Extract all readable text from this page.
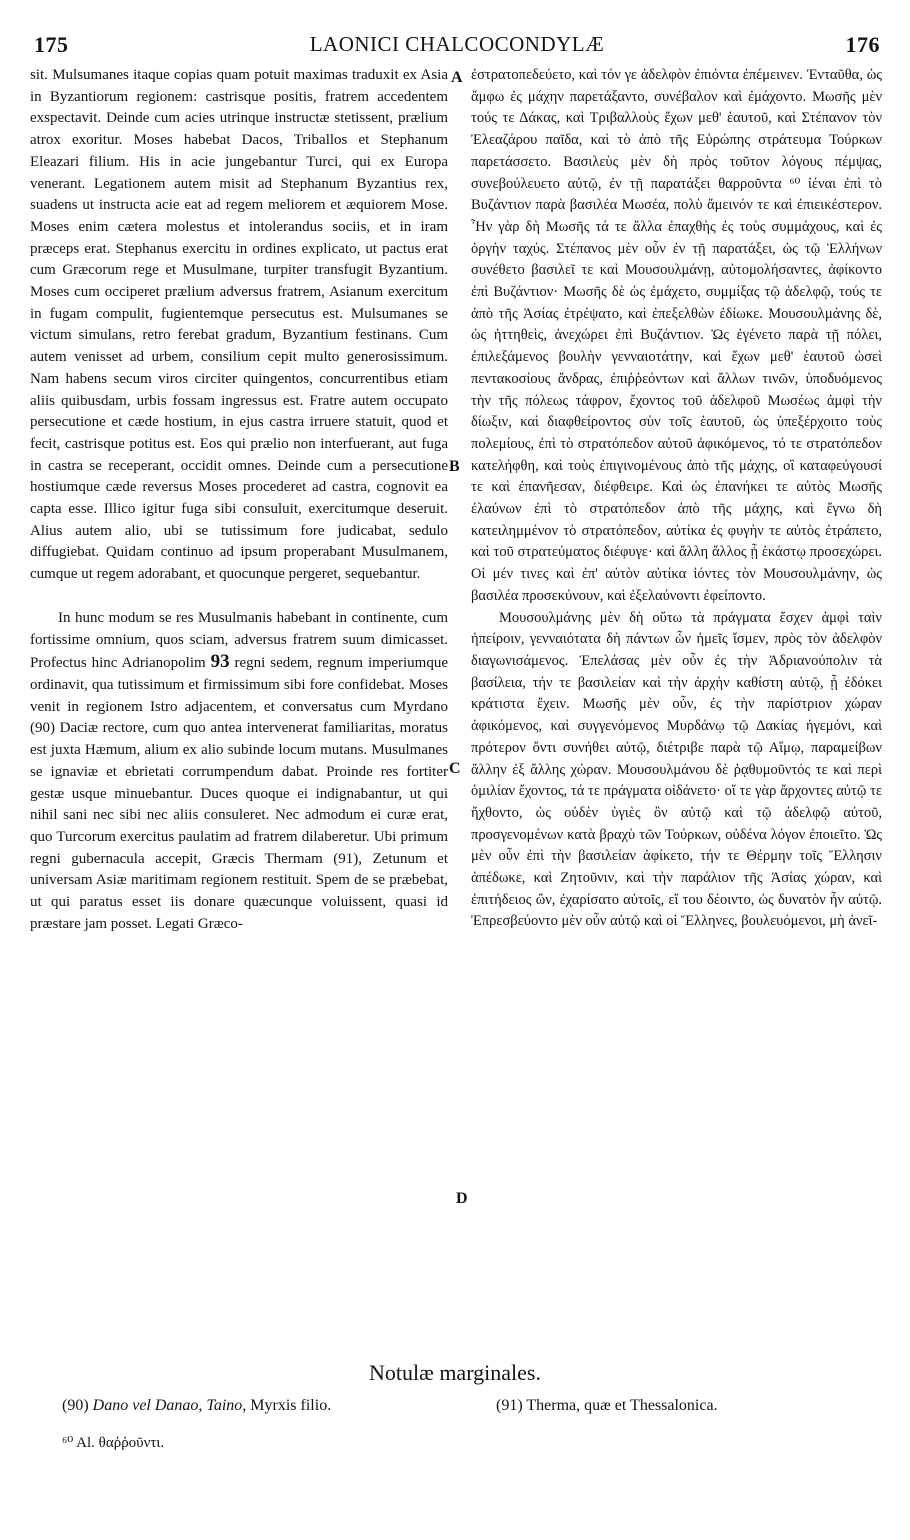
175	LAONICI CHALCOCONDYLÆ	176

sit. Mulsumanes itaque copias quam potuit maximas traduxit ex Asia in Byzantiorum regionem: castrisque positis, fratrem accedentem exspectavit. Deinde cum acies utrinque instructæ stetissent, prælium atrox exoritur. Moses habebat Dacos, Triballos et Stephanum Eleazari filium. His in acie jungebantur Turci, qui ex Europa venerant. Legationem autem misit ad Stephanum Byzantius rex, suadens ut instructa acie eat ad regem meliorem et æquiorem Mose. Moses enim cætera molestus et intolerandus sociis, et in iram præceps erat. Stephanus exercitu in ordines explicato, ut pactus erat cum Græcorum rege et Musulmane, turpiter transfugit Byzantium. Moses cum occiperet prælium adversus fratrem, Asianum exercitum in fugam compulit, fugientemque persecutus est. Mulsumanes se victum simulans, retro ferebat gradum, Byzantium festinans. Cum autem venisset ad urbem, consilium cepit multo generosissimum. Nam habens secum viros circiter quingentos, concurrentibus etiam aliis quibusdam, urbis fossam ingressus est. Fratre autem occupato persecutione et cæde hostium, in ejus castra irruere statuit, quod et fecit, castrisque potitus est. Eos qui prælio non interfuerant, aut fuga in castra se receperant, occidit omnes. Deinde cum a persecutione hostiumque cæde reversus Moses procederet ad castra, cognovit ea capta esse. Illico igitur fuga sibi consuluit, exercitumque deseruit. Alius autem alio, ubi se tutissimum fore judicabat, sedulo diffugiebat. Quidam continuo ad ipsum properabant Musulmanem, cumque ut regem adorabant, et quocunque pergeret, sequebantur.

In hunc modum se res Musulmanis habebant in continente, cum fortissime omnium, quos sciam, adversus fratrem suum dimicasset. Profectus hinc Adrianopolim 93 regni sedem, regnum imperiumque ordinavit, qua tutissimum et firmissimum sibi fore confidebat. Moses venit in regionem Istro adjacentem, et conversatus cum Myrdano (90) Daciæ rectore, cum quo antea intervenerat familiaritas, moratus est juxta Hæmum, alium ex alio subinde locum mutans. Musulmanes se ignaviæ et ebrietati corrumpendum dabat. Proinde res fortiter gestæ usque minuebantur. Duces quoque ei indignabantur, ut qui nihil sani nec sibi nec aliis consuleret. Nec admodum ei curæ erat, quo Turcorum exercitus paulatim ad fratrem dilaberetur. Ubi primum regni gubernacula accepit, Græcis Thermam (91), Zetunum et universam Asiæ maritimam regionem restituit. Spem de se præbebat, ut qui paratus esset iis donare quæcunque voluissent, quasi id præstare jam posset. Legati Græco-

A
B
C
D

ἐστρατοπεδεύετο, καὶ τόν γε ἀδελφὸν ἐπιόντα ἐπέμεινεν. Ἐνταῦθα, ὡς ἄμφω ἐς μάχην παρετάξαντο, συνέβαλον καὶ ἐμάχοντο. Μωσῆς μὲν τούς τε Δάκας, καὶ Τριβαλλοὺς ἔχων μεθ' ἑαυτοῦ, καὶ Στέπανον τὸν Ἐλεαζάρου παῖδα, καὶ τὸ ἀπὸ τῆς Εὐρώπης στράτευμα Τούρκων παρετάσσετο. Βασιλεὺς μὲν δὴ πρὸς τοῦτον λόγους πέμψας, συνεβούλευετο αὐτῷ, ἐν τῇ παρατάξει θαρροῦντα ⁶⁰ ἰέναι ἐπὶ τὸ Βυζάντιον παρὰ βασιλέα Μωσέα, πολὺ ἄμεινόν τε καὶ ἐπιεικέστερον. Ἦν γὰρ δὴ Μωσῆς τά τε ἄλλα ἐπαχθὴς ἐς τοὺς συμμάχους, καὶ ἐς ὀργὴν ταχύς. Στέπανος μὲν οὖν ἐν τῇ παρατάξει, ὡς τῷ Ἑλλήνων συνέθετο βασιλεῖ τε καὶ Μουσουλμάνῃ, αὐτομολήσαντες, ἀφίκοντο ἐπὶ Βυζάντιον· Μωσῆς δὲ ὡς ἐμάχετο, συμμίξας τῷ ἀδελφῷ, τούς τε ἀπὸ τῆς Ἀσίας ἐτρέψατο, καὶ ἐπεξελθὼν ἐδίωκε. Μουσουλμάνης δὲ, ὡς ἡττηθεὶς, ἀνεχώρει ἐπὶ Βυζάντιον. Ὡς ἐγένετο παρὰ τῇ πόλει, ἐπιλεξάμενος βουλὴν γενναιοτάτην, καὶ ἔχων μεθ' ἑαυτοῦ ὡσεὶ πεντακοσίους ἄνδρας, ἐπιῤῥεόντων καὶ ἄλλων τινῶν, ὑποδυόμενος τὴν τῆς πόλεως τάφρον, ἔχοντος τοῦ ἀδελφοῦ Μωσέως ἀμφὶ τὴν δίωξιν, καὶ διαφθείροντος σὺν τοῖς ἑαυτοῦ, ὡς ὑπεξέρχοιτο τοὺς πολεμίους, ἐπὶ τὸ στρατόπεδον αὐτοῦ ἀφικόμενος, τό τε στρατόπεδον κατελήφθη, καὶ τοὺς ἐπιγινομένους ἀπὸ τῆς μάχης, οἳ καταφεύγουσί τε καὶ ἐπανῆεσαν, διέφθειρε. Καὶ ὡς ἐπανήκει τε αὐτὸς Μωσῆς ἐλαύνων ἐπὶ τὸ στρατόπεδον ἀπὸ τῆς μάχης, καὶ ἔγνω δὴ κατειλημμένον τὸ στρατόπεδον, αὐτίκα ἐς φυγὴν τε αὐτὸς ἐτράπετο, καὶ τοῦ στρατεύματος διέφυγε· καὶ ἄλλη ἄλλος ᾗ ἑκάστῳ προσεχώρει. Οἱ μέν τινες καὶ ἐπ' αὐτὸν αὐτίκα ἰόντες τὸν Μουσουλμάνην, ὡς βασιλέα προσεκύνουν, καὶ ἐξελαύνοντι ἐφείποντο.

Μουσουλμάνης μὲν δὴ οὕτω τὰ πράγματα ἔσχεν ἀμφὶ ταὶν ἠπείροιν, γενναιότατα δὴ πάντων ὧν ἡμεῖς ἴσμεν, πρὸς τὸν ἀδελφὸν διαγωνισάμενος. Ἐπελάσας μὲν οὖν ἐς τὴν Ἀδριανούπολιν τὰ βασίλεια, τήν τε βασιλείαν καὶ τὴν ἀρχὴν καθίστη αὐτῷ, ᾗ ἐδόκει κράτιστα ἔχειν. Μωσῆς μὲν οὖν, ἐς τὴν παρίστριον χώραν ἀφικόμενος, καὶ συγγενόμενος Μυρδάνῳ τῷ Δακίας ἡγεμόνι, καὶ πρότερον ὄντι συνήθει αὐτῷ, διέτριβε παρὰ τῷ Αἵμῳ, παραμείβων ἄλλην ἐξ ἄλλης χώραν. Μουσουλμάνου δὲ ῥᾳθυμοῦντός τε καὶ περὶ ὁμιλίαν ἔχοντος, τά τε πράγματα οἰδάνετο· οἵ τε γὰρ ἄρχοντες αὐτῷ τε ἤχθοντο, ὡς οὐδὲν ὑγιὲς ὂν αὐτῷ καὶ τῷ ἀδελφῷ αὐτοῦ, προσγενομένων κατὰ βραχὺ τῶν Τούρκων, οὐδένα λόγον ἐποιεῖτο. Ὡς μὲν οὖν ἐπὶ τὴν βασιλείαν ἀφίκετο, τήν τε Θέρμην τοῖς Ἕλλησιν ἀπέδωκε, καὶ Ζητοῦνιν, καὶ τὴν παράλιον τῆς Ἀσίας χώραν, καὶ ἐπιτήδειος ὤν, ἐχαρίσατο αὐτοῖς, εἴ του δέοιντο, ὡς δυνατὸν ἦν αὐτῷ. Ἐπρεσβεύοντο μὲν οὖν αὐτῷ καὶ οἱ Ἕλληνες, βουλευόμενοι, μὴ ἀνεῖ-

Notulæ marginales.
(90) Dano vel Danao, Taino, Myrxis filio.	(91) Therma, quæ et Thessalonica.
⁶⁰ Al. θαῤῥοῦντι.
